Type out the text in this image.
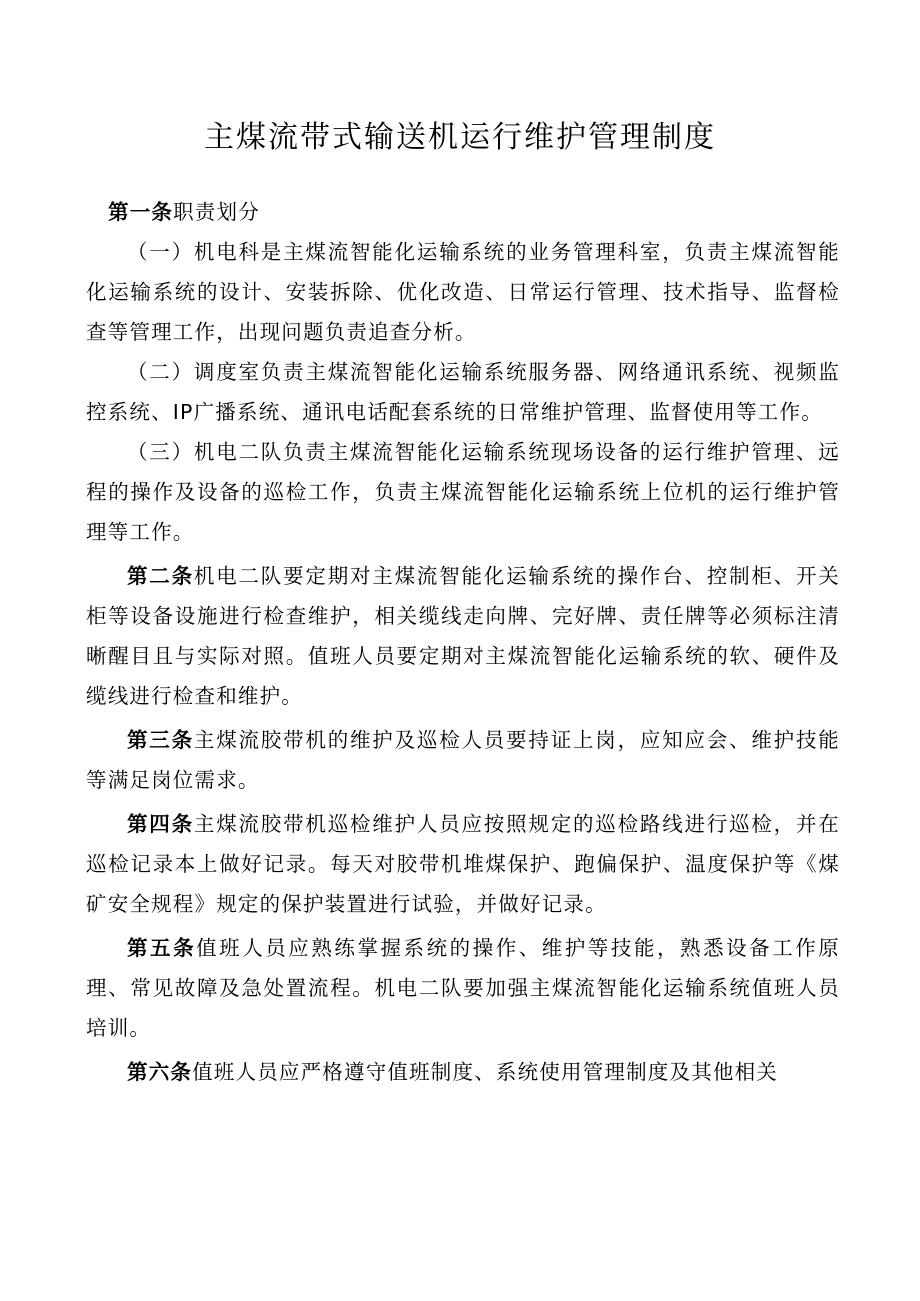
主煤流带式输送机运行维护管理制度

第一条职责划分

（一）机电科是主煤流智能化运输系统的业务管理科室，负责主煤流智能化运输系统的设计、安装拆除、优化改造、日常运行管理、技术指导、监督检查等管理工作，出现问题负责追查分析。

（二）调度室负责主煤流智能化运输系统服务器、网络通讯系统、视频监控系统、IP广播系统、通讯电话配套系统的日常维护管理、监督使用等工作。

（三）机电二队负责主煤流智能化运输系统现场设备的运行维护管理、远程的操作及设备的巡检工作，负责主煤流智能化运输系统上位机的运行维护管理等工作。

第二条机电二队要定期对主煤流智能化运输系统的操作台、控制柜、开关柜等设备设施进行检查维护，相关缆线走向牌、完好牌、责任牌等必须标注清晰醒目且与实际对照。值班人员要定期对主煤流智能化运输系统的软、硬件及缆线进行检查和维护。

第三条主煤流胶带机的维护及巡检人员要持证上岗，应知应会、维护技能等满足岗位需求。

第四条主煤流胶带机巡检维护人员应按照规定的巡检路线进行巡检，并在巡检记录本上做好记录。每天对胶带机堆煤保护、跑偏保护、温度保护等《煤矿安全规程》规定的保护装置进行试验，并做好记录。

第五条值班人员应熟练掌握系统的操作、维护等技能，熟悉设备工作原理、常见故障及急处置流程。机电二队要加强主煤流智能化运输系统值班人员培训。

第六条值班人员应严格遵守值班制度、系统使用管理制度及其他相关
